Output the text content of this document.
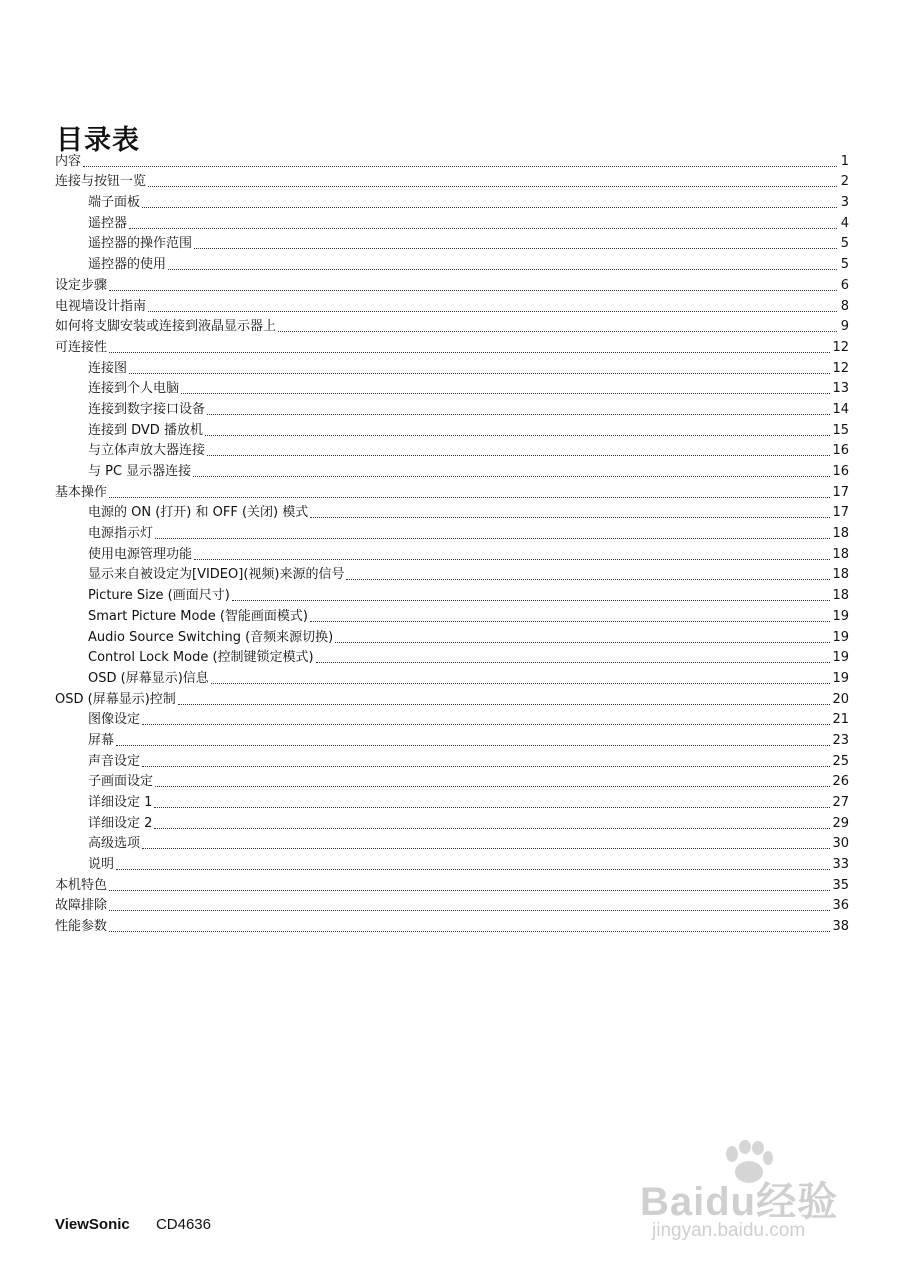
目录表
内容	1
连接与按钮一览	2
端子面板	3
遥控器	4
遥控器的操作范围	5
遥控器的使用	5
设定步骤	6
电视墙设计指南	8
如何将支脚安装或连接到液晶显示器上	9
可连接性	12
连接图	12
连接到个人电脑	13
连接到数字接口设备	14
连接到 DVD 播放机	15
与立体声放大器连接	16
与 PC 显示器连接	16
基本操作	17
电源的 ON (打开) 和 OFF (关闭) 模式	17
电源指示灯	18
使用电源管理功能	18
显示来自被设定为[VIDEO](视频)来源的信号	18
Picture Size (画面尺寸)	18
Smart Picture Mode (智能画面模式)	19
Audio Source Switching (音频来源切换)	19
Control Lock Mode (控制键锁定模式)	19
OSD (屏幕显示)信息	19
OSD (屏幕显示)控制	20
图像设定	21
屏幕	23
声音设定	25
子画面设定	26
详细设定 1	27
详细设定 2	29
高级选项	30
说明	33
本机特色	35
故障排除	36
性能参数	38
ViewSonic CD4636
Baidu经验
jingyan.baidu.com
